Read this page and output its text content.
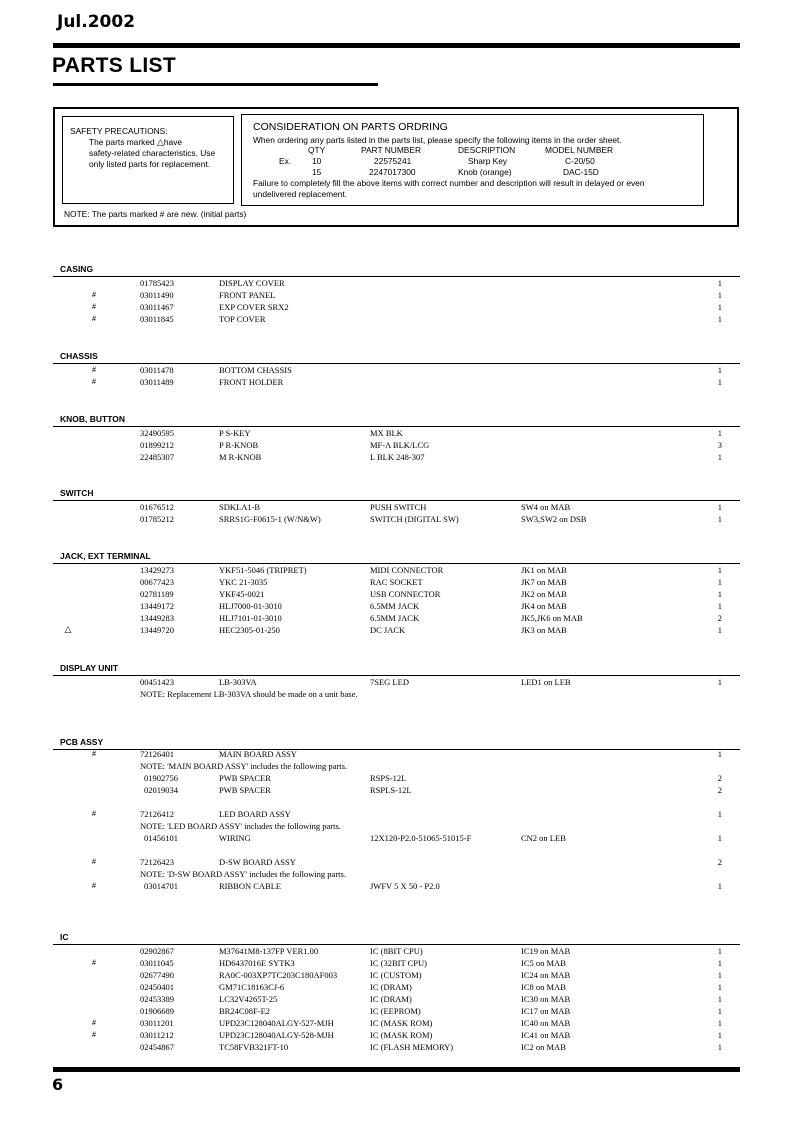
Jul.2002
PARTS LIST
SAFETY PRECAUTIONS:
The parts marked △have
safety-related characteristics. Use
only listed parts for replacement.
CONSIDERATION ON PARTS ORDRING
When ordering any parts listed in the parts list, please specify the following items in the order sheet.
QTY	PART NUMBER	DESCRIPTION	MODEL NUMBER
Ex. 10	22575241	Sharp Key	C-20/50
15	2247017300	Knob (orange)	DAC-15D
Failure to completely fill the above items with correct number and description will result in delayed or even
undelivered replacement.
NOTE: The parts marked # are new. (initial parts)
CASING
01785423	DISPLAY COVER	1
#	03011490	FRONT PANEL	1
#	03011467	EXP COVER SRX2	1
#	03011845	TOP COVER	1
CHASSIS
#	03011478	BOTTOM CHASSIS	1
#	03011489	FRONT HOLDER	1
KNOB, BUTTON
32490595	P S-KEY	MX BLK	1
01899212	P R-KNOB	MF-A BLK/LCG	3
22485307	M R-KNOB	L BLK 248-307	1
SWITCH
01676512	SDKLA1-B	PUSH SWITCH	SW4 on MAB	1
01785212	SRRS1G-F0615-1 (W/N&W)	SWITCH (DIGITAL SW)	SW3,SW2 on DSB	1
JACK, EXT TERMINAL
13429273	YKF51-5046 (TRIPRET)	MIDI CONNECTOR	JK1 on MAB	1
00677423	YKC 21-3035	RAC SOCKET	JK7 on MAB	1
02781189	YKF45-0021	USB CONNECTOR	JK2 on MAB	1
13449172	HLJ7000-01-3010	6.5MM JACK	JK4 on MAB	1
13449283	HLJ7101-01-3010	6.5MM JACK	JK5,JK6 on MAB	2
△	13449720	HEC2305-01-250	DC JACK	JK3 on MAB	1
DISPLAY UNIT
00451423	LB-303VA	7SEG LED	LED1 on LEB	1
NOTE: Replacement LB-303VA should be made on a unit base.
PCB ASSY
#	72126401	MAIN BOARD ASSY	1
NOTE: 'MAIN BOARD ASSY' includes the following parts.
01902756	PWB SPACER	RSPS-12L	2
02019034	PWB SPACER	RSPLS-12L	2
#	72126412	LED BOARD ASSY	1
NOTE: 'LED BOARD ASSY' includes the following parts.
01456101	WIRING	12X120-P2.0-51065-51015-F	CN2 on LEB	1
#	72126423	D-SW BOARD ASSY	2
NOTE: 'D-SW BOARD ASSY' includes the following parts.
#	03014701	RIBBON CABLE	JWFV 5 X 50 - P2.0	1
IC
02902867	M37641M8-137FP VER1.00	IC (8BIT CPU)	IC19 on MAB	1
#	03011045	HD6437016E SYTK3	IC (32BIT CPU)	IC5 on MAB	1
02677490	RA0C-003XP7TC203C180AF003	IC (CUSTOM)	IC24 on MAB	1
02450401	GM71C18163CJ-6	IC (DRAM)	IC8 on MAB	1
02453389	LC32V4265T-25	IC (DRAM)	IC30 on MAB	1
01906689	BR24C08F-E2	IC (EEPROM)	IC17 on MAB	1
#	03011201	UPD23C128040ALGY-527-MJH	IC (MASK ROM)	IC40 on MAB	1
#	03011212	UPD23C128040ALGY-528-MJH	IC (MASK ROM)	IC41 on MAB	1
02454867	TC58FVB321FT-10	IC (FLASH MEMORY)	IC2 on MAB	1
6
